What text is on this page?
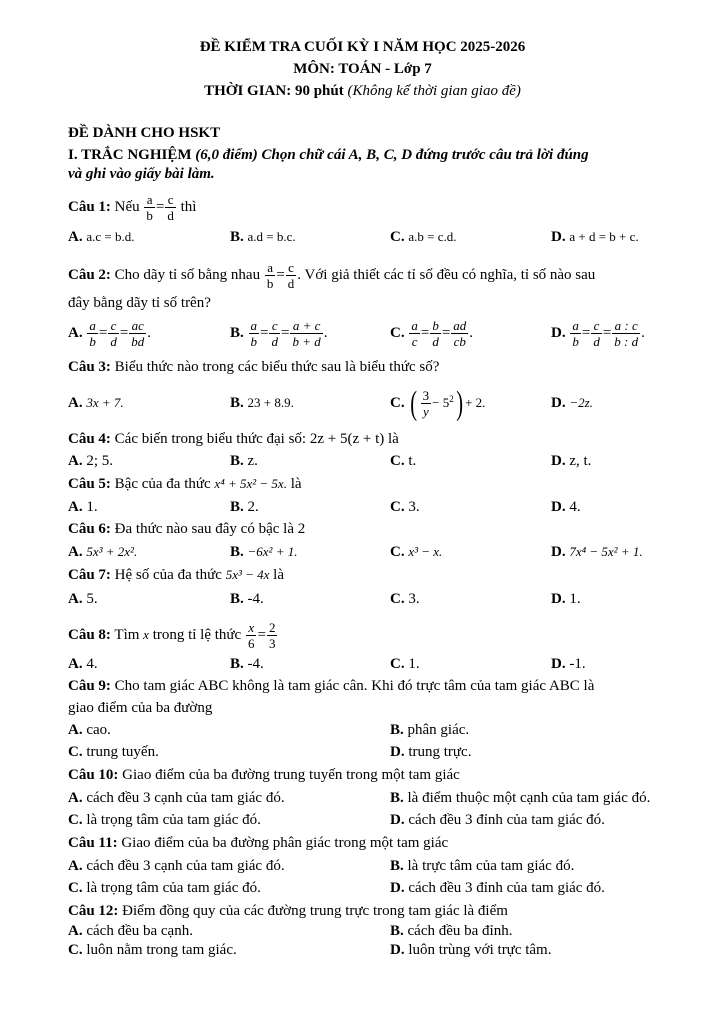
ĐỀ KIỂM TRA CUỐI KỲ I NĂM HỌC 2025-2026
MÔN: TOÁN - Lớp 7
THỜI GIAN: 90 phút (Không kể thời gian giao đề)
ĐỀ DÀNH CHO HSKT
I. TRẮC NGHIỆM (6,0 điểm) Chọn chữ cái A, B, C, D đứng trước câu trả lời đúng
và ghi vào giấy bài làm.
Câu 1: Nếu $\frac{a}{b} = \frac{c}{d}$ thì
A. a.c = b.d.	B. a.d = b.c.	C. a.b = c.d.	D. a + d = b + c.
Câu 2: Cho dãy tỉ số bằng nhau $\frac{a}{b} = \frac{c}{d}$ . Với giả thiết các tỉ số đều có nghĩa, tỉ số nào sau
đây bằng dãy tỉ số trên?
A. $\frac{a}{b} = \frac{c}{d} = \frac{ac}{bd}$ .	B. $\frac{a}{b} = \frac{c}{d} = \frac{a + c}{b + d}$ .	C. $\frac{a}{c} = \frac{b}{d} = \frac{ad}{cb}$ .	D. $\frac{a}{b} = \frac{c}{d} = \frac{a : c}{b : d}$ .
Câu 3: Biểu thức nào trong các biểu thức sau là biểu thức số?
A. 3x + 7.	B. 23 + 8.9.	C. ( $\frac{3}{y} - 5^2) + 2$.	D. −2z.
Câu 4: Các biến trong biểu thức đại số: 2z + 5(z + t) là
A. 2; 5.	B. z.	C. t.	D. z, t.
Câu 5: Bậc của đa thức x⁴ + 5x² − 5x. là
A. 1.	B. 2.	C. 3.	D. 4.
Câu 6: Đa thức nào sau đây có bậc là 2
A. 5x³ + 2x².	B. −6x² + 1.	C. x³ − x.	D. 7x⁴ − 5x² + 1.
Câu 7: Hệ số của đa thức 5x³ − 4x là
A. 5.	B. -4.	C. 3.	D. 1.
Câu 8: Tìm x trong tỉ lệ thức $\frac{x}{6} = \frac{2}{3}$
A. 4.	B. -4.	C. 1.	D. -1.
Câu 9: Cho tam giác ABC không là tam giác cân. Khi đó trực tâm của tam giác ABC là
giao điểm của ba đường
A. cao.	B. phân giác.
C. trung tuyến.	D. trung trực.
Câu 10: Giao điểm của ba đường trung tuyến trong một tam giác
A. cách đều 3 cạnh của tam giác đó.	B. là điểm thuộc một cạnh của tam giác đó.
C. là trọng tâm của tam giác đó.	D. cách đều 3 đỉnh của tam giác đó.
Câu 11: Giao điểm của ba đường phân giác trong một tam giác
A. cách đều 3 cạnh của tam giác đó.	B. là trực tâm của tam giác đó.
C. là trọng tâm của tam giác đó.	D. cách đều 3 đỉnh của tam giác đó.
Câu 12: Điểm đồng quy của các đường trung trực trong tam giác là điểm
A. cách đều ba cạnh.	B. cách đều ba đỉnh.
C. luôn nằm trong tam giác.	D. luôn trùng với trực tâm.
